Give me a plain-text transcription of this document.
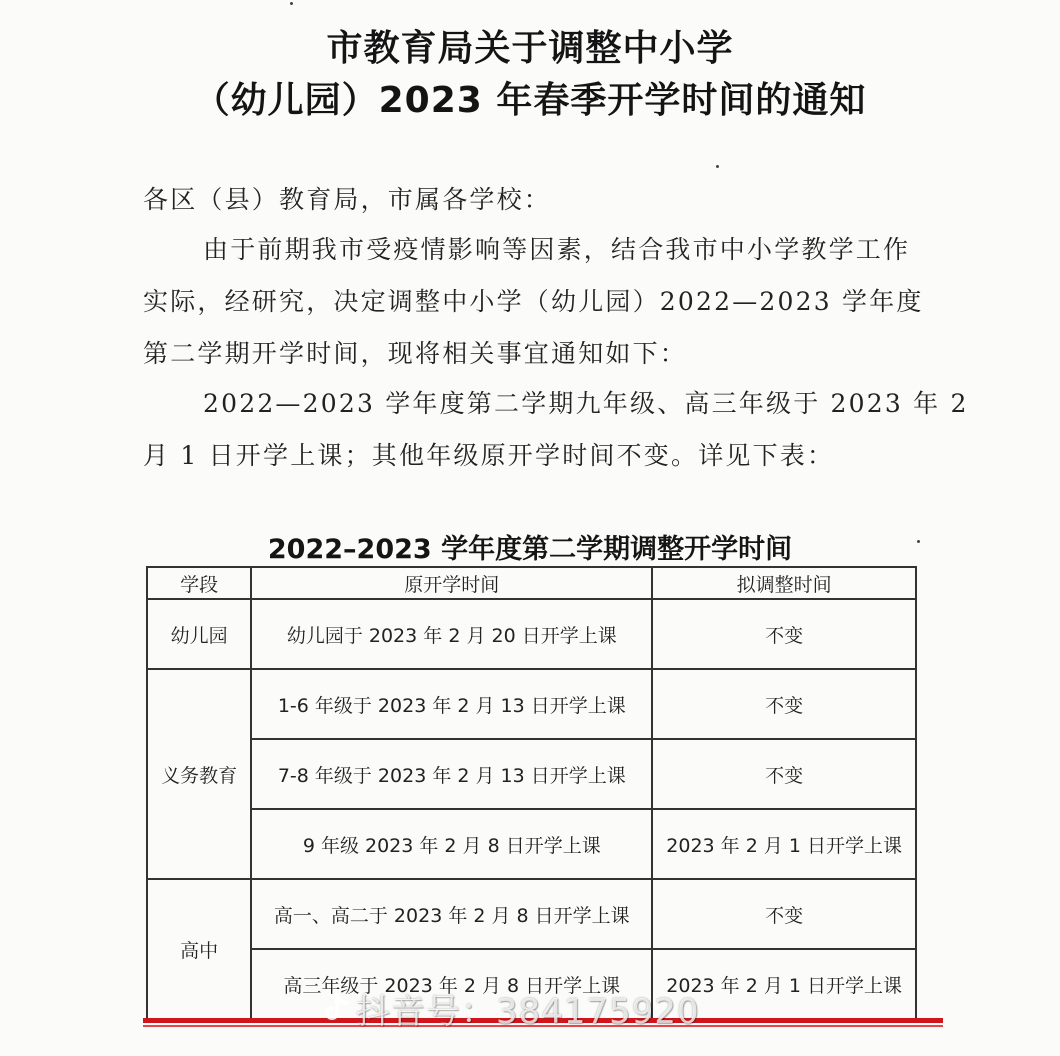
市教育局关于调整中小学
（幼儿园）2023 年春季开学时间的通知
各区（县）教育局，市属各学校：
由于前期我市受疫情影响等因素，结合我市中小学教学工作
实际，经研究，决定调整中小学（幼儿园）2022—2023 学年度
第二学期开学时间，现将相关事宜通知如下：
2022—2023 学年度第二学期九年级、高三年级于 2023 年 2
月 1 日开学上课；其他年级原开学时间不变。详见下表：
2022–2023 学年度第二学期调整开学时间
学段	原开学时间	拟调整时间
幼儿园	幼儿园于 2023 年 2 月 20 日开学上课	不变
义务教育	1-6 年级于 2023 年 2 月 13 日开学上课	不变
	7-8 年级于 2023 年 2 月 13 日开学上课	不变
	9 年级 2023 年 2 月 8 日开学上课	2023 年 2 月 1 日开学上课
高中	高一、高二于 2023 年 2 月 8 日开学上课	不变
	高三年级于 2023 年 2 月 8 日开学上课	2023 年 2 月 1 日开学上课
抖音号：384175920
